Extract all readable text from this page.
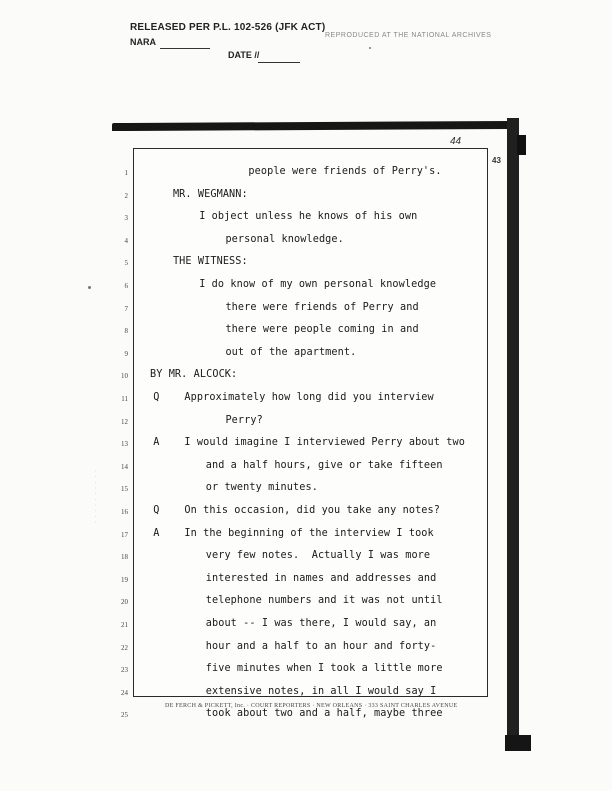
RELEASED PER P.L. 102-526 (JFK ACT)
NARA
DATE //
REPRODUCED AT THE NATIONAL ARCHIVES
44
43
1	people were friends of Perry's.
2	MR. WEGMANN:
3	I object unless he knows of his own
4	personal knowledge.
5	THE WITNESS:
6	I do know of my own personal knowledge
7	there were friends of Perry and
8	there were people coming in and
9	out of the apartment.
10 BY MR. ALCOCK:
11 Q    Approximately how long did you interview
12	Perry?
13 A    I would imagine I interviewed Perry about two
14	and a half hours, give or take fifteen
15	or twenty minutes.
16 Q    On this occasion, did you take any notes?
17 A    In the beginning of the interview I took
18	very few notes.  Actually I was more
19	interested in names and addresses and
20	telephone numbers and it was not until
21	about -- I was there, I would say, an
22	hour and a half to an hour and forty-
23	five minutes when I took a little more
24	extensive notes, in all I would say I
25	took about two and a half, maybe three
DE FERCH & PICKETT, Inc. · COURT REPORTERS · NEW ORLEANS · 333 SAINT CHARLES AVENUE
· · · · · · · · · ·
